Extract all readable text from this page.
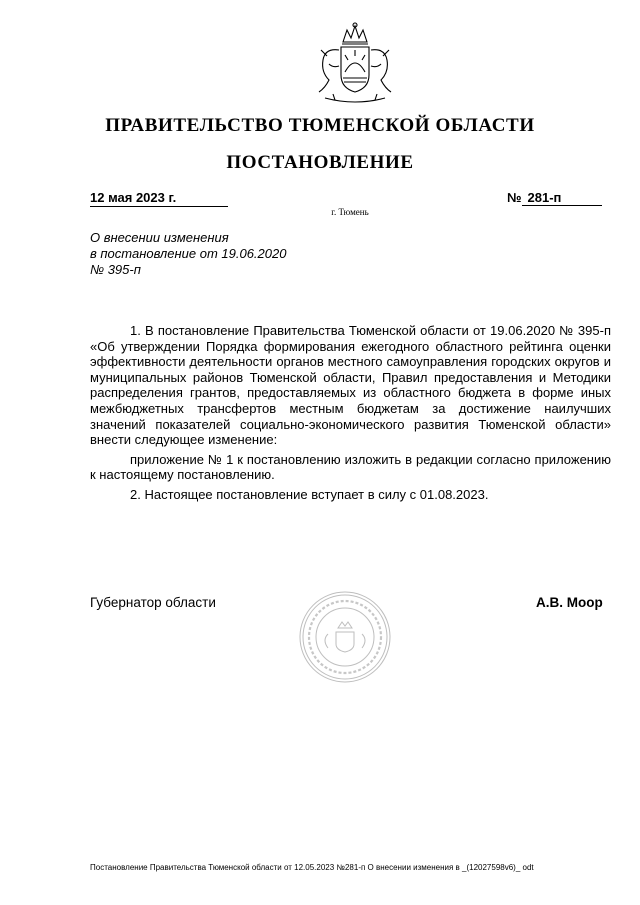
ПРАВИТЕЛЬСТВО ТЮМЕНСКОЙ ОБЛАСТИ
ПОСТАНОВЛЕНИЕ
12 мая 2023 г.	№ 281-п
г. Тюмень
О внесении изменения
в постановление от 19.06.2020
№ 395-п

1. В постановление Правительства Тюменской области от 19.06.2020 № 395-п «Об утверждении Порядка формирования ежегодного областного рейтинга оценки эффективности деятельности органов местного самоуправления городских округов и муниципальных районов Тюменской области, Правил предоставления и Методики распределения грантов, предоставляемых из областного бюджета в форме иных межбюджетных трансфертов местным бюджетам за достижение наилучших значений показателей социально-экономического развития Тюменской области» внести следующее изменение:

приложение № 1 к постановлению изложить в редакции согласно приложению к настоящему постановлению.

2. Настоящее постановление вступает в силу с 01.08.2023.

Губернатор области	А.В. Моор
Постановление Правительства Тюменской области от 12.05.2023 №281-п О внесении изменения в _(12027598v6)_ odt
